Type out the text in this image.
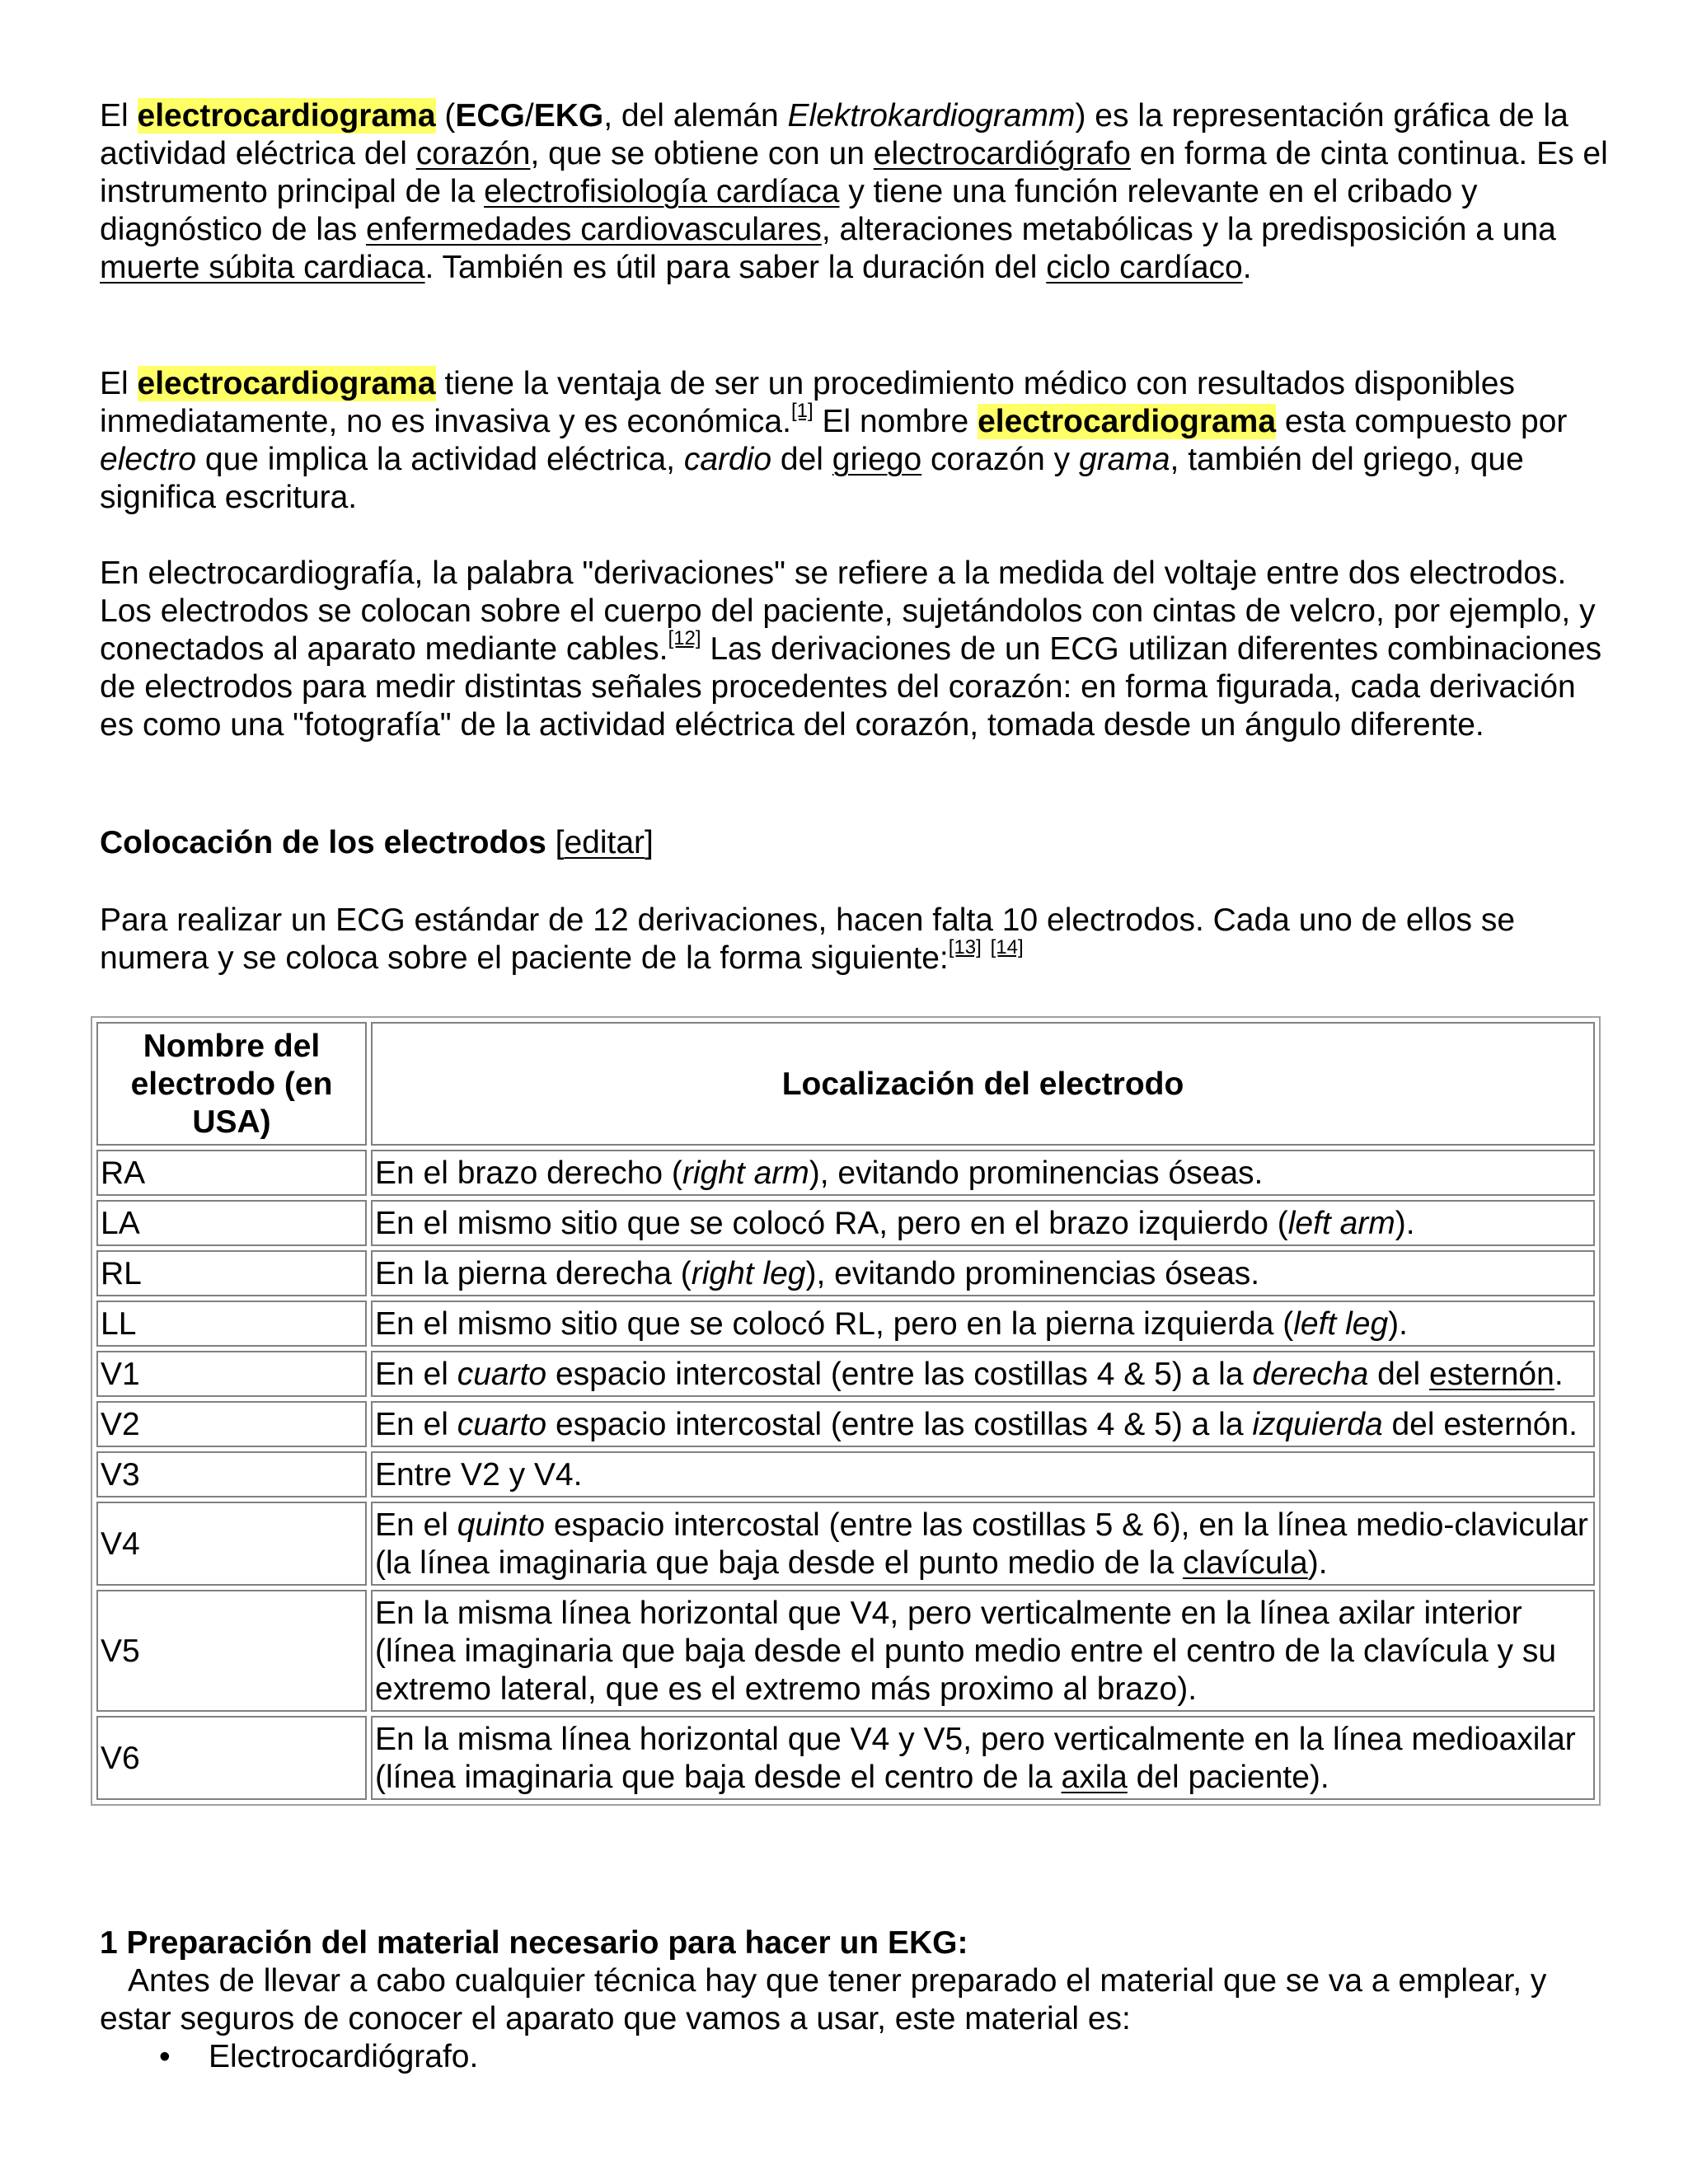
El electrocardiograma (ECG/EKG, del alemán Elektrokardiogramm) es la representación gráfica de la actividad eléctrica del corazón, que se obtiene con un electrocardiógrafo en forma de cinta continua. Es el instrumento principal de la electrofisiología cardíaca y tiene una función relevante en el cribado y diagnóstico de las enfermedades cardiovasculares, alteraciones metabólicas y la predisposición a una muerte súbita cardiaca. También es útil para saber la duración del ciclo cardíaco.

El electrocardiograma tiene la ventaja de ser un procedimiento médico con resultados disponibles inmediatamente, no es invasiva y es económica.[1] El nombre electrocardiograma esta compuesto por electro que implica la actividad eléctrica, cardio del griego corazón y grama, también del griego, que significa escritura.

En electrocardiografía, la palabra "derivaciones" se refiere a la medida del voltaje entre dos electrodos. Los electrodos se colocan sobre el cuerpo del paciente, sujetándolos con cintas de velcro, por ejemplo, y conectados al aparato mediante cables.[12] Las derivaciones de un ECG utilizan diferentes combinaciones de electrodos para medir distintas señales procedentes del corazón: en forma figurada, cada derivación es como una "fotografía" de la actividad eléctrica del corazón, tomada desde un ángulo diferente.

Colocación de los electrodos [editar]

Para realizar un ECG estándar de 12 derivaciones, hacen falta 10 electrodos. Cada uno de ellos se numera y se coloca sobre el paciente de la forma siguiente:[13] [14]

Nombre del electrodo (en USA)	Localización del electrodo
RA	En el brazo derecho (right arm), evitando prominencias óseas.
LA	En el mismo sitio que se colocó RA, pero en el brazo izquierdo (left arm).
RL	En la pierna derecha (right leg), evitando prominencias óseas.
LL	En el mismo sitio que se colocó RL, pero en la pierna izquierda (left leg).
V1	En el cuarto espacio intercostal (entre las costillas 4 & 5) a la derecha del esternón.
V2	En el cuarto espacio intercostal (entre las costillas 4 & 5) a la izquierda del esternón.
V3	Entre V2 y V4.
V4	En el quinto espacio intercostal (entre las costillas 5 & 6), en la línea medio-clavicular (la línea imaginaria que baja desde el punto medio de la clavícula).
V5	En la misma línea horizontal que V4, pero verticalmente en la línea axilar interior (línea imaginaria que baja desde el punto medio entre el centro de la clavícula y su extremo lateral, que es el extremo más proximo al brazo).
V6	En la misma línea horizontal que V4 y V5, pero verticalmente en la línea medioaxilar (línea imaginaria que baja desde el centro de la axila del paciente).

1 Preparación del material necesario para hacer un EKG:

Antes de llevar a cabo cualquier técnica hay que tener preparado el material que se va a emplear, y estar seguros de conocer el aparato que vamos a usar, este material es:

• Electrocardiógrafo.
